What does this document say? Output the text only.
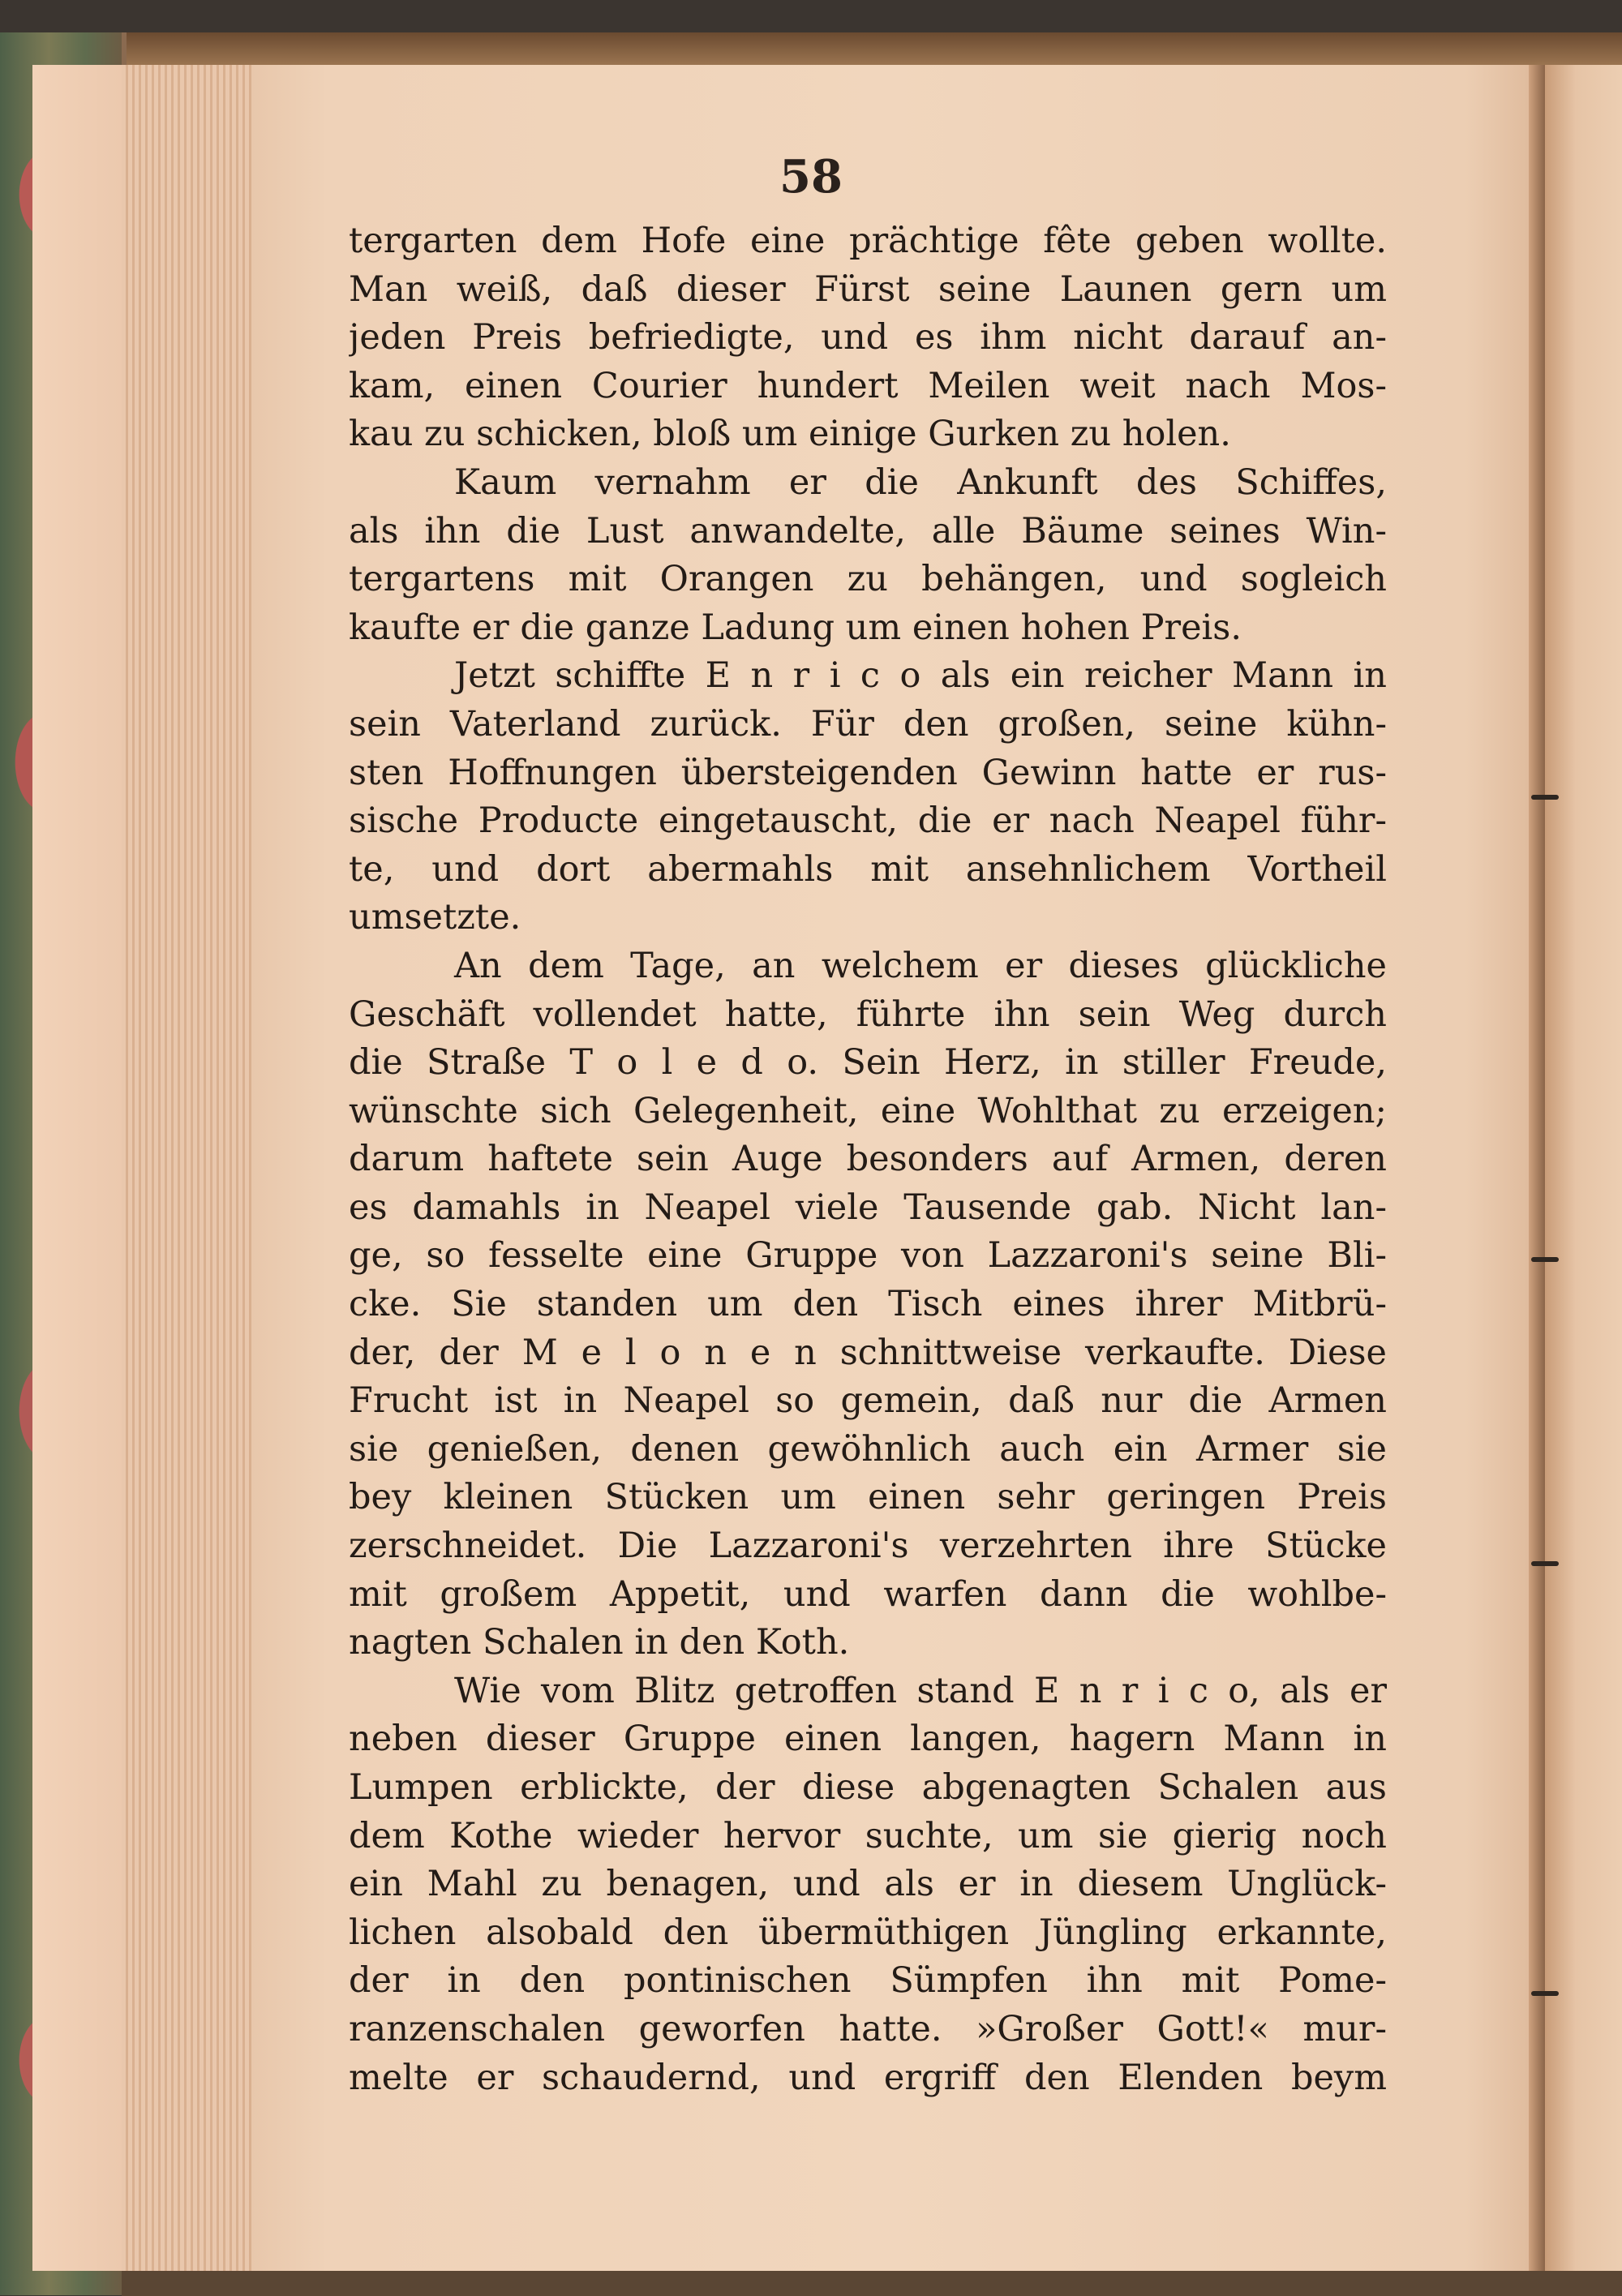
58
tergarten dem Hofe eine prächtige fête geben wollte.
Man weiß, daß dieser Fürst seine Launen gern um
jeden Preis befriedigte, und es ihm nicht darauf an-
kam, einen Courier hundert Meilen weit nach Mos-
kau zu schicken, bloß um einige Gurken zu holen.
Kaum vernahm er die Ankunft des Schiffes,
als ihn die Lust anwandelte, alle Bäume seines Win-
tergartens mit Orangen zu behängen, und sogleich
kaufte er die ganze Ladung um einen hohen Preis.
Jetzt schiffte E n r i c o als ein reicher Mann in
sein Vaterland zurück. Für den großen, seine kühn-
sten Hoffnungen übersteigenden Gewinn hatte er rus-
sische Producte eingetauscht, die er nach Neapel führ-
te, und dort abermahls mit ansehnlichem Vortheil
umsetzte.
An dem Tage, an welchem er dieses glückliche
Geschäft vollendet hatte, führte ihn sein Weg durch
die Straße T o l e d o. Sein Herz, in stiller Freude,
wünschte sich Gelegenheit, eine Wohlthat zu erzeigen;
darum haftete sein Auge besonders auf Armen, deren
es damahls in Neapel viele Tausende gab. Nicht lan-
ge, so fesselte eine Gruppe von Lazzaroni's seine Bli-
cke. Sie standen um den Tisch eines ihrer Mitbrü-
der, der M e l o n e n schnittweise verkaufte. Diese
Frucht ist in Neapel so gemein, daß nur die Armen
sie genießen, denen gewöhnlich auch ein Armer sie
bey kleinen Stücken um einen sehr geringen Preis
zerschneidet. Die Lazzaroni's verzehrten ihre Stücke
mit großem Appetit, und warfen dann die wohlbe-
nagten Schalen in den Koth.
Wie vom Blitz getroffen stand E n r i c o, als er
neben dieser Gruppe einen langen, hagern Mann in
Lumpen erblickte, der diese abgenagten Schalen aus
dem Kothe wieder hervor suchte, um sie gierig noch
ein Mahl zu benagen, und als er in diesem Unglück-
lichen alsobald den übermüthigen Jüngling erkannte,
der in den pontinischen Sümpfen ihn mit Pome-
ranzenschalen geworfen hatte. »Großer Gott!« mur-
melte er schaudernd, und ergriff den Elenden beym
